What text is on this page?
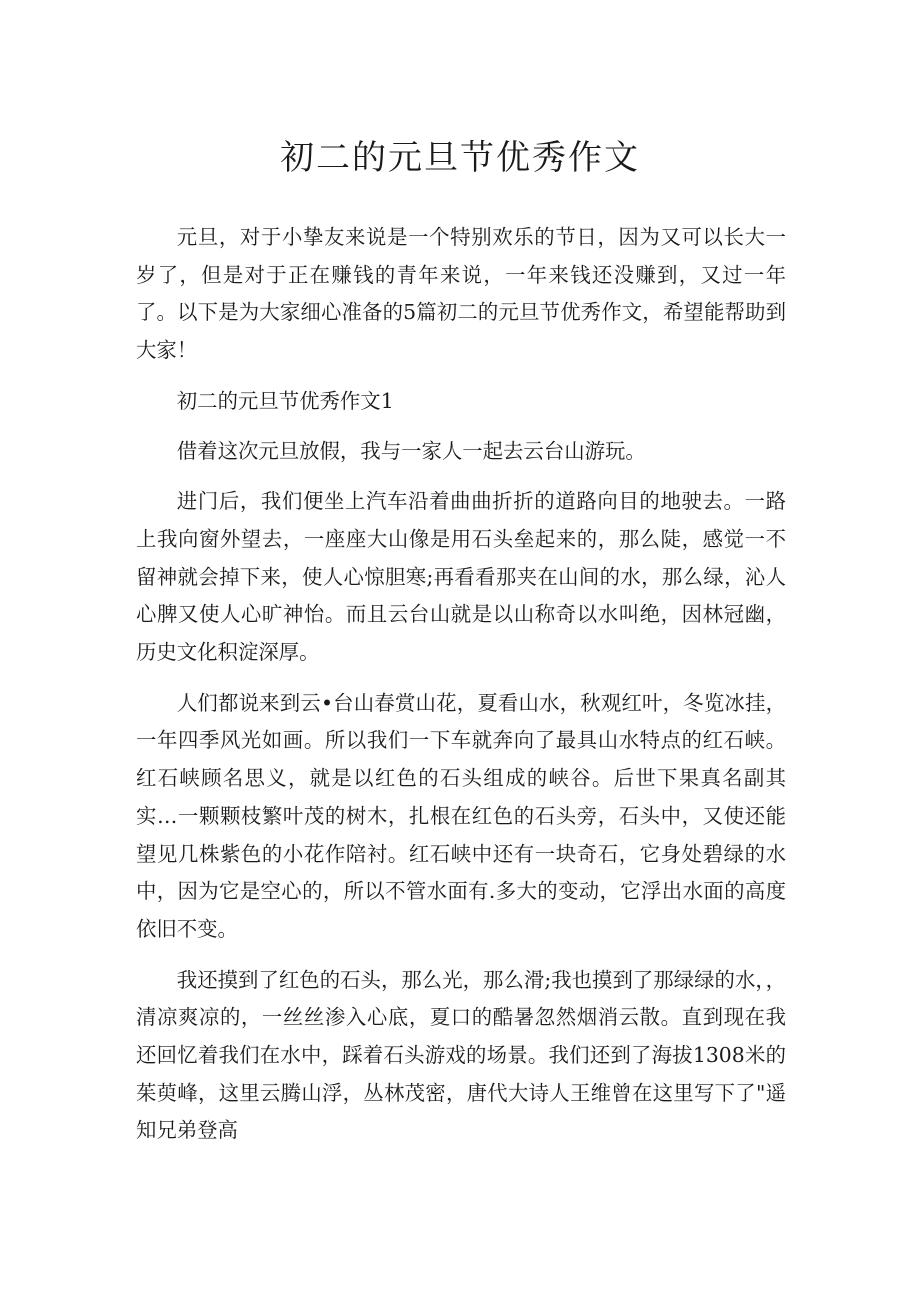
初二的元旦节优秀作文

元旦，对于小挚友来说是一个特别欢乐的节日，因为又可以长大一岁了，但是对于正在赚钱的青年来说，一年来钱还没赚到，又过一年了。以下是为大家细心准备的5篇初二的元旦节优秀作文，希望能帮助到大家！

初二的元旦节优秀作文1

借着这次元旦放假，我与一家人一起去云台山游玩。

进门后，我们便坐上汽车沿着曲曲折折的道路向目的地驶去。一路上我向窗外望去，一座座大山像是用石头垒起来的，那么陡，感觉一不留神就会掉下来，使人心惊胆寒;再看看那夹在山间的水，那么绿，沁人心脾又使人心旷神怡。而且云台山就是以山称奇以水叫绝，因林冠幽，历史文化积淀深厚。

人们都说来到云•台山春赏山花，夏看山水，秋观红叶，冬览冰挂，一年四季风光如画。所以我们一下车就奔向了最具山水特点的红石峡。红石峡顾名思义，就是以红色的石头组成的峡谷。后世下果真名副其实…一颗颗枝繁叶茂的树木，扎根在红色的石头旁，石头中，又使还能望见几株紫色的小花作陪衬。红石峡中还有一块奇石，它身处碧绿的水中，因为它是空心的，所以不管水面有.多大的变动，它浮出水面的高度依旧不变。

我还摸到了红色的石头，那么光，那么滑;我也摸到了那绿绿的水，，清凉爽凉的，一丝丝渗入心底，夏口的酷暑忽然烟消云散。直到现在我还回忆着我们在水中，踩着石头游戏的场景。我们还到了海拔1308米的茱萸峰，这里云腾山浮，丛林茂密，唐代大诗人王维曾在这里写下了"遥知兄弟登高
